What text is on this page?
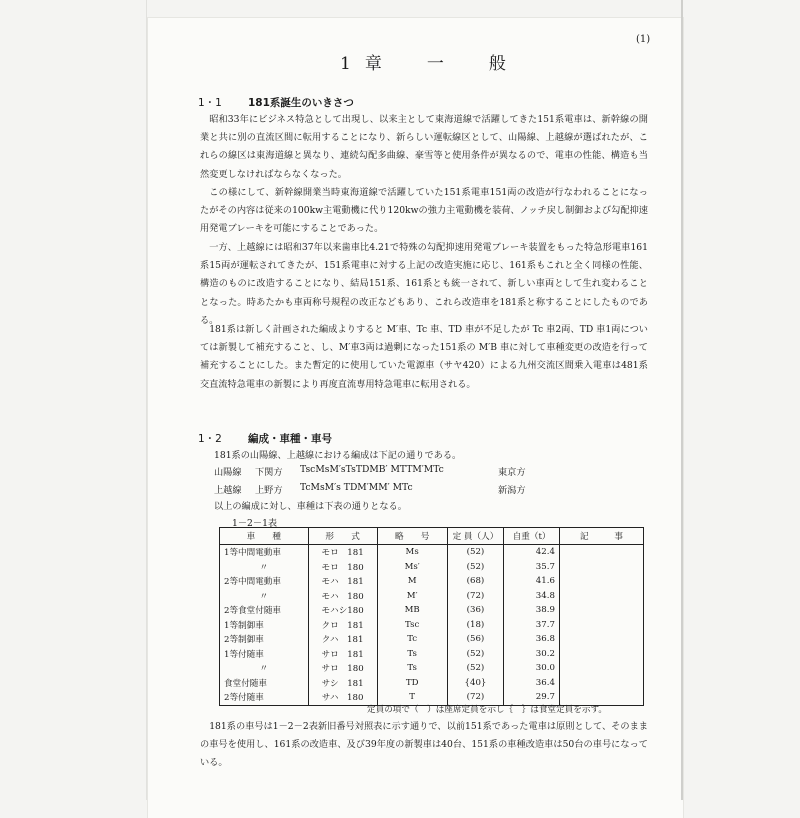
(1)
1章　一　般
1・1 181系誕生のいきさつ
昭和33年にビジネス特急として出現し、以来主として東海道線で活躍してきた151系電車は、新幹線の開業と共に別の直流区間に転用することになり、新らしい運転線区として、山陽線、上越線が選ばれたが、これらの線区は東海道線と異なり、連続勾配多曲線、豪雪等と使用条件が異なるので、電車の性能、構造も当然変更しなければならなくなった。
この様にして、新幹線開業当時東海道線で活躍していた151系電車151両の改造が行なわれることになったがその内容は従来の100kw主電動機に代り120kwの強力主電動機を装荷、ノッチ戻し制御および勾配抑速用発電ブレーキを可能にすることであった。
一方、上越線には昭和37年以来歯車比4.21で特殊の勾配抑速用発電ブレーキ装置をもった特急形電車161系15両が運転されてきたが、151系電車に対する上記の改造実施に応じ、161系もこれと全く同様の性能、構造のものに改造することになり、結局151系、161系とも統一されて、新しい車両として生れ変わることとなった。時あたかも車両称号規程の改正などもあり、これら改造車を181系と称することにしたものである。
181系は新しく計画された編成よりすると M′車、Tc 車、TD 車が不足したが Tc 車2両、TD 車1両については新製して補充すること、し、M′車3両は過剰になった151系の M′B 車に対して車種変更の改造を行って補充することにした。また暫定的に使用していた電源車（サヤ420）による九州交流区間乗入電車は481系交直流特急電車の新製により再度直流専用特急電車に転用される。
1・2 編成・車種・車号
181系の山陽線、上越線における編成は下記の通りである。
山陽線 下関方 TscMsM′sTsTDMB′ MTTM′MTc	東京方
上越線 上野方 TcMsM′s TDM′MM′ MTc	新潟方
以上の編成に対し、車種は下表の通りとなる。
1－2－1表
車　　種	形　　式	略　　号	定 員（人）	自重（t）	記　　　事
1等中間電動車	モロ　181	Ms	(52)	42.4	
〃	モロ　180	Ms′	(52)	35.7	
2等中間電動車	モハ　181	M	(68)	41.6	
〃	モハ　180	M′	(72)	34.8	
2等食堂付随車	モハシ180	MB	(36)	38.9	
1等制御車	クロ　181	Tsc	(18)	37.7	
2等制御車	クハ　181	Tc	(56)	36.8	
1等付随車	サロ　181	Ts	(52)	30.2	
〃	サロ　180	Ts	(52)	30.0	
食堂付随車	サシ　181	TD	{40}	36.4	
2等付随車	サハ　180	T	(72)	29.7	
定員の項で（　）は座席定員を示し｛　｝は食堂定員を示す。
181系の車号は1－2－2表新旧番号対照表に示す通りで、以前151系であった電車は原則として、そのままの車号を使用し、161系の改造車、及び39年度の新製車は40台、151系の車種改造車は50台の車号になっている。
